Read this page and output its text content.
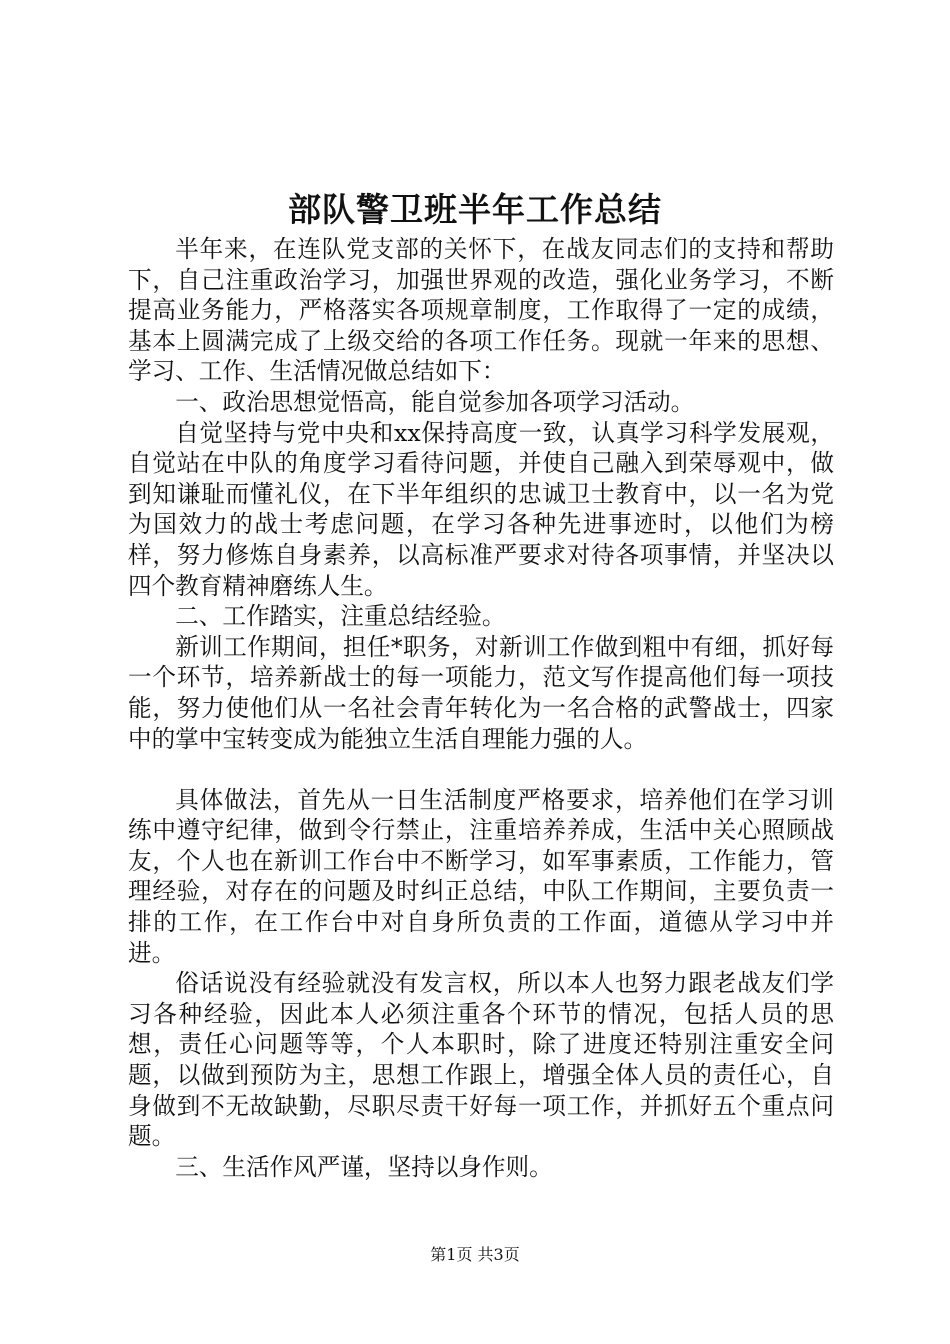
部队警卫班半年工作总结

半年来，在连队党支部的关怀下，在战友同志们的支持和帮助下，自己注重政治学习，加强世界观的改造，强化业务学习，不断提高业务能力，严格落实各项规章制度，工作取得了一定的成绩，基本上圆满完成了上级交给的各项工作任务。现就一年来的思想、学习、工作、生活情况做总结如下：

一、政治思想觉悟高，能自觉参加各项学习活动。

自觉坚持与党中央和xx保持高度一致，认真学习科学发展观，自觉站在中队的角度学习看待问题，并使自己融入到荣辱观中，做到知谦耻而懂礼仪，在下半年组织的忠诚卫士教育中，以一名为党为国效力的战士考虑问题，在学习各种先进事迹时，以他们为榜样，努力修炼自身素养，以高标准严要求对待各项事情，并坚决以四个教育精神磨练人生。

二、工作踏实，注重总结经验。

新训工作期间，担任*职务，对新训工作做到粗中有细，抓好每一个环节，培养新战士的每一项能力，范文写作提高他们每一项技能，努力使他们从一名社会青年转化为一名合格的武警战士，四家中的掌中宝转变成为能独立生活自理能力强的人。

具体做法，首先从一日生活制度严格要求，培养他们在学习训练中遵守纪律，做到令行禁止，注重培养养成，生活中关心照顾战友，个人也在新训工作台中不断学习，如军事素质，工作能力，管理经验，对存在的问题及时纠正总结，中队工作期间，主要负责一排的工作，在工作台中对自身所负责的工作面，道德从学习中并进。

俗话说没有经验就没有发言权，所以本人也努力跟老战友们学习各种经验，因此本人必须注重各个环节的情况，包括人员的思想，责任心问题等等，个人本职时，除了进度还特别注重安全问题，以做到预防为主，思想工作跟上，增强全体人员的责任心，自身做到不无故缺勤，尽职尽责干好每一项工作，并抓好五个重点问题。

三、生活作风严谨，坚持以身作则。

第1页 共3页
